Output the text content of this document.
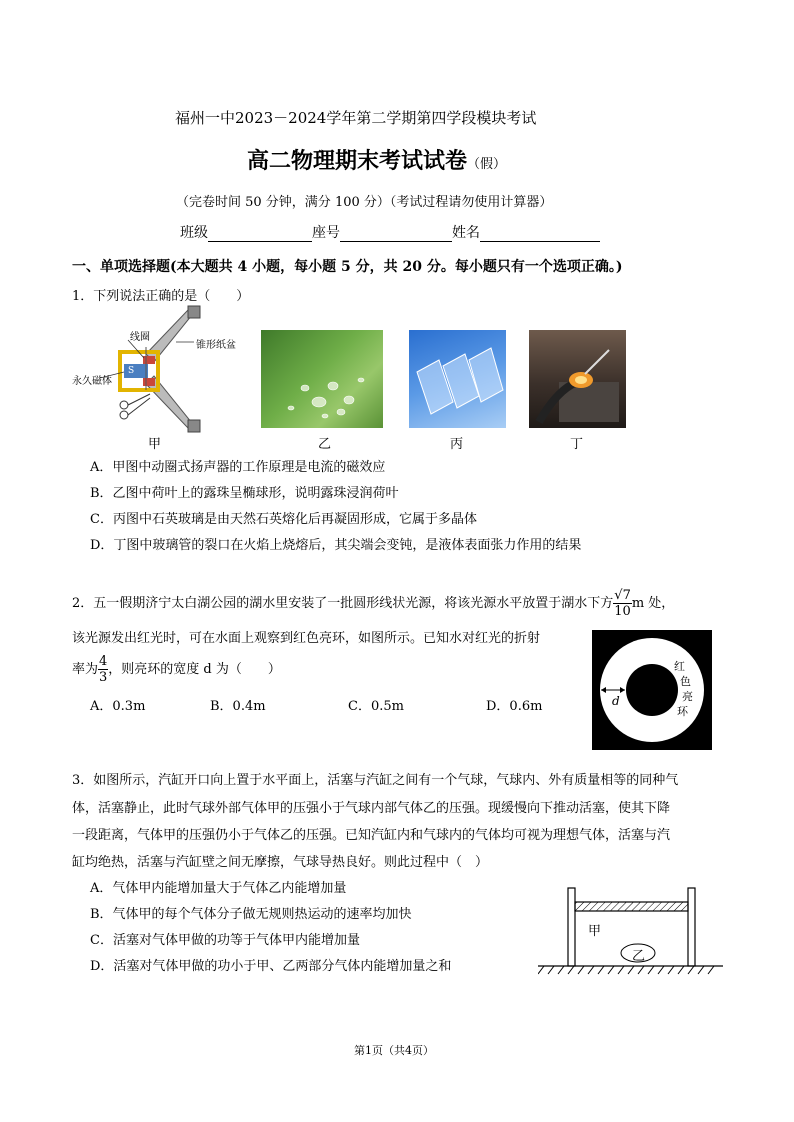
福州一中2023－2024学年第二学期第四学段模块考试
高二物理期末考试试卷（假）
（完卷时间 50 分钟，满分 100 分）（考试过程请勿使用计算器）
班级	座号	姓名
一、单项选择题(本大题共 4 小题，每小题 5 分，共 20 分。每小题只有一个选项正确。)
1．下列说法正确的是（　　）
线圈
锥形纸盆
永久磁体
S
甲	乙	丙	丁
A．甲图中动圈式扬声器的工作原理是电流的磁效应
B．乙图中荷叶上的露珠呈椭球形，说明露珠浸润荷叶
C．丙图中石英玻璃是由天然石英熔化后再凝固形成，它属于多晶体
D．丁图中玻璃管的裂口在火焰上烧熔后，其尖端会变钝，是液体表面张力作用的结果
2．五一假期济宁太白湖公园的湖水里安装了一批圆形线状光源，将该光源水平放置于湖水下方 $\frac{√7}{10}$ m 处，
该光源发出红光时，可在水面上观察到红色亮环，如图所示。已知水对红光的折射
率为 $\frac{4}{3}$ ，则亮环的宽度 d 为（　　）
A．0.3m	B．0.4m	C．0.5m	D．0.6m	d
红
色
亮
环
3．如图所示，汽缸开口向上置于水平面上，活塞与汽缸之间有一个气球，气球内、外有质量相等的同种气
体，活塞静止，此时气球外部气体甲的压强小于气球内部气体乙的压强。现缓慢向下推动活塞，使其下降
一段距离，气体甲的压强仍小于气体乙的压强。已知汽缸内和气球内的气体均可视为理想气体，活塞与汽
缸均绝热，活塞与汽缸壁之间无摩擦，气球导热良好。则此过程中（　）
A．气体甲内能增加量大于气体乙内能增加量
B．气体甲的每个气体分子做无规则热运动的速率均加快
C．活塞对气体甲做的功等于气体甲内能增加量
D．活塞对气体甲做的功小于甲、乙两部分气体内能增加量之和
甲
乙
第1页（共4页）
